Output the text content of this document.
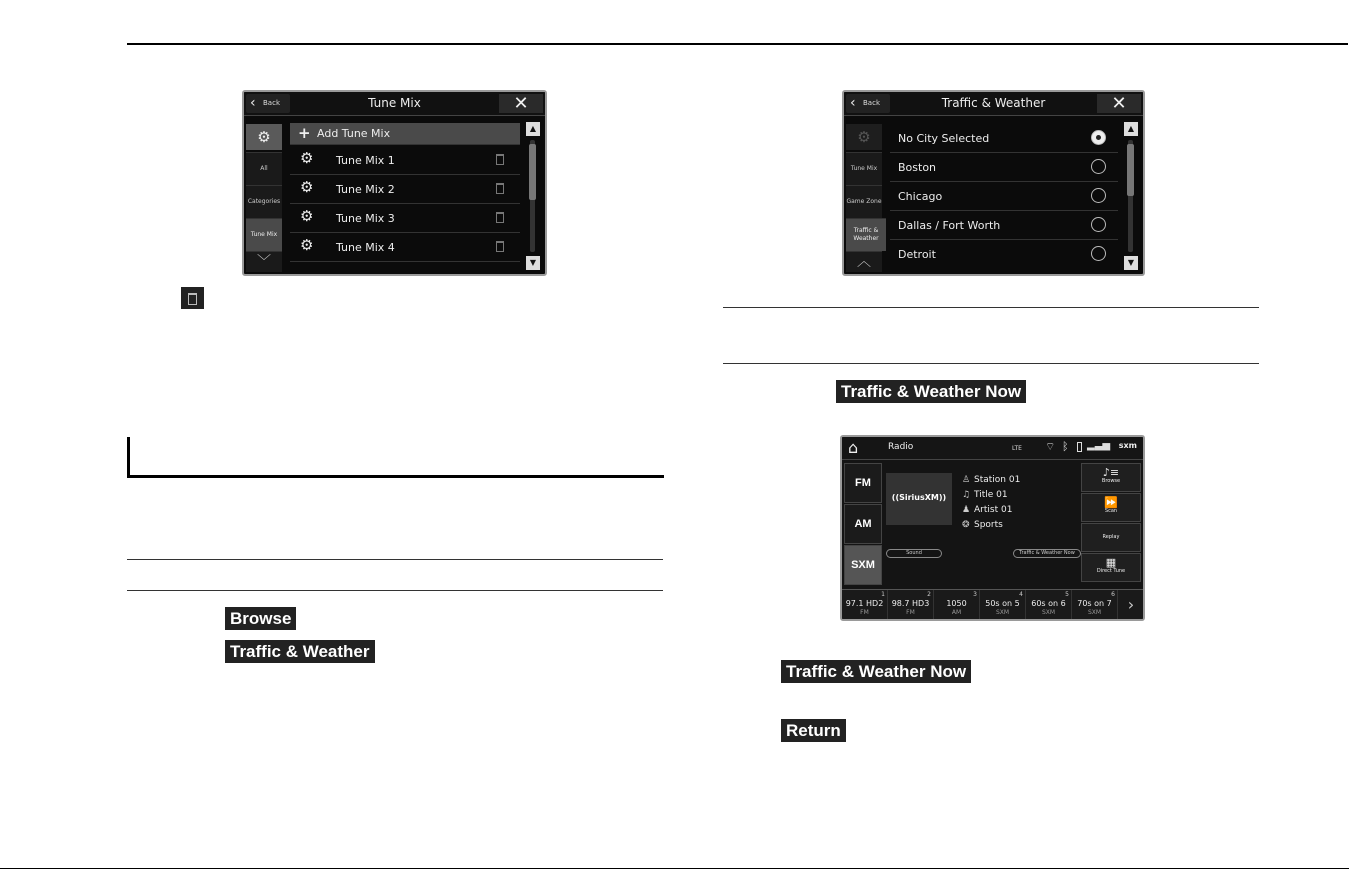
‹ Back	Tune Mix	✕
⚙
All
Categories
Tune Mix
﹀
+ Add Tune Mix
⚙ Tune Mix 1
⚙ Tune Mix 2
⚙ Tune Mix 3
⚙ Tune Mix 4
▲
▼
Browse
Traffic & Weather
‹ Back	Traffic & Weather	✕
⚙
Tune Mix
Game Zone
Traffic & Weather
︿
No City Selected
Boston
Chicago
Dallas / Fort Worth
Detroit
▲
▼
Traffic & Weather Now
⌂	Radio	LTE ⌔ ᛒ ▂▃▅ sxm
FM
AM
SXM
((SiriusXM))
♙ Station 01
♫ Title 01
♟ Artist 01
❂ Sports
Sound	Traffic & Weather Now
♪≡
Browse
⏩
Scan
Replay
▦
Direct Tune
1
97.1 HD2
FM
2
98.7 HD3
FM
3
1050
AM
4
50s on 5
SXM
5
60s on 6
SXM
6
70s on 7
SXM	›
Traffic & Weather Now
Return
